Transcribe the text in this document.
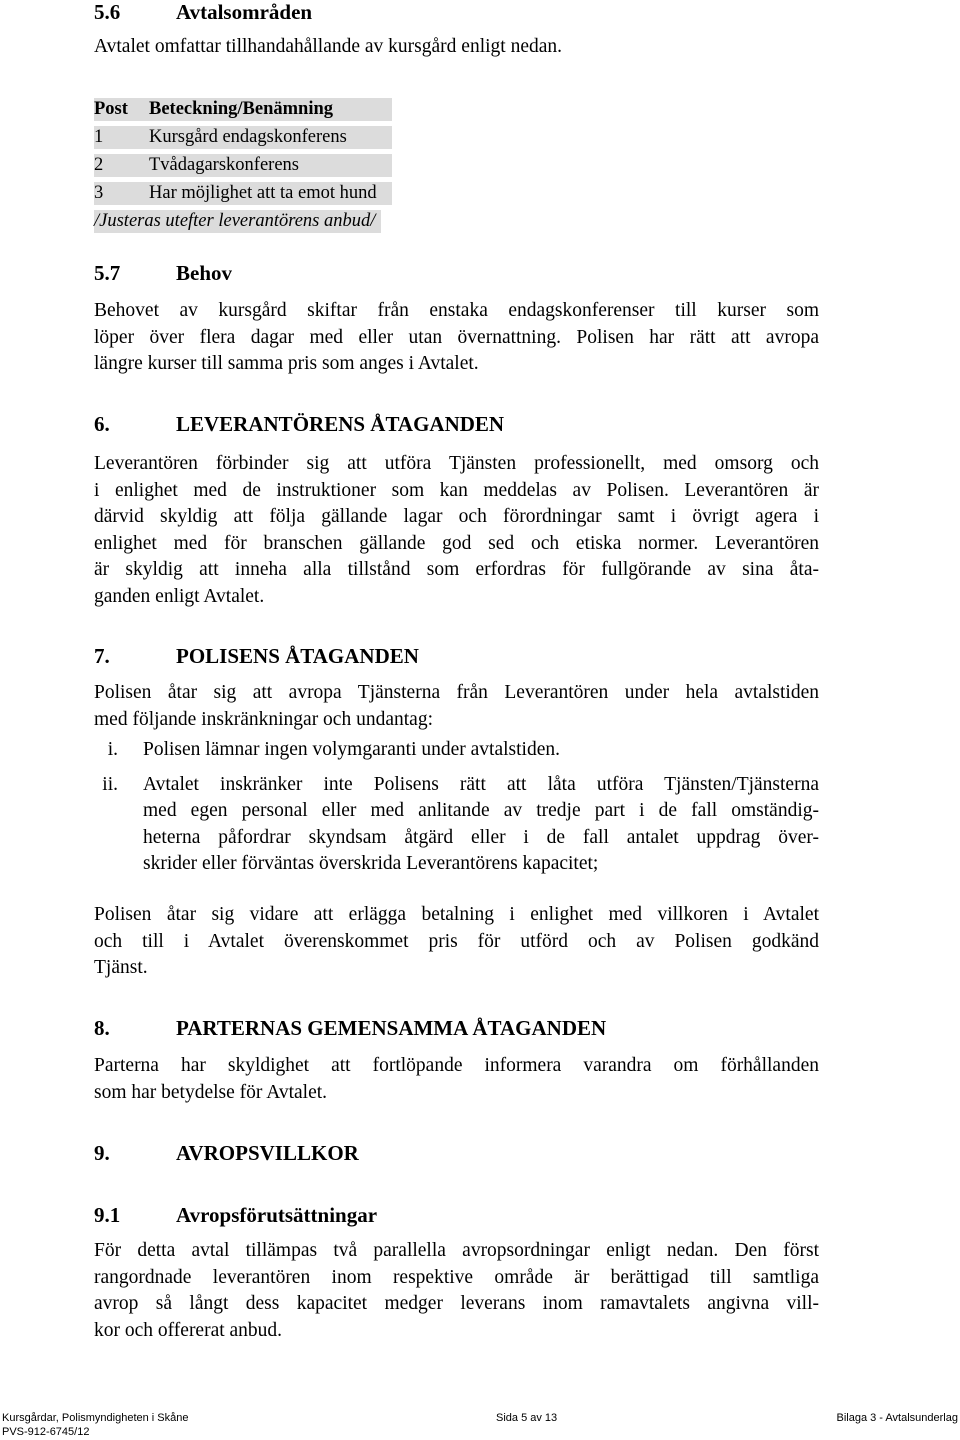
5.6	Avtalsområden
Avtalet omfattar tillhandahållande av kursgård enligt nedan.
Post Beteckning/Benämning
1 Kursgård endagskonferens
2 Tvådagarskonferens
3 Har möjlighet att ta emot hund
/Justeras utefter leverantörens anbud/
5.7	Behov
Behovet av kursgård skiftar från enstaka endagskonferenser till kurser som
löper över flera dagar med eller utan övernattning. Polisen har rätt att avropa
längre kurser till samma pris som anges i Avtalet.
6.	LEVERANTÖRENS ÅTAGANDEN
Leverantören förbinder sig att utföra Tjänsten professionellt, med omsorg och
i enlighet med de instruktioner som kan meddelas av Polisen. Leverantören är
därvid skyldig att följa gällande lagar och förordningar samt i övrigt agera i
enlighet med för branschen gällande god sed och etiska normer. Leverantören
är skyldig att inneha alla tillstånd som erfordras för fullgörande av sina åta-
ganden enligt Avtalet.
7.	POLISENS ÅTAGANDEN
Polisen åtar sig att avropa Tjänsterna från Leverantören under hela avtalstiden
med följande inskränkningar och undantag:
i. Polisen lämnar ingen volymgaranti under avtalstiden.
ii. Avtalet inskränker inte Polisens rätt att låta utföra Tjänsten/Tjänsterna
med egen personal eller med anlitande av tredje part i de fall omständig-
heterna påfordrar skyndsam åtgärd eller i de fall antalet uppdrag över-
skrider eller förväntas överskrida Leverantörens kapacitet;
Polisen åtar sig vidare att erlägga betalning i enlighet med villkoren i Avtalet
och till i Avtalet överenskommet pris för utförd och av Polisen godkänd
Tjänst.
8.	PARTERNAS GEMENSAMMA ÅTAGANDEN
Parterna har skyldighet att fortlöpande informera varandra om förhållanden
som har betydelse för Avtalet.
9.	AVROPSVILLKOR
9.1	Avropsförutsättningar
För detta avtal tillämpas två parallella avropsordningar enligt nedan. Den först
rangordnade leverantören inom respektive område är berättigad till samtliga
avrop så långt dess kapacitet medger leverans inom ramavtalets angivna vill-
kor och offererat anbud.
Kursgårdar, Polismyndigheten i Skåne	Sida 5 av 13	Bilaga 3 - Avtalsunderlag
PVS-912-6745/12
